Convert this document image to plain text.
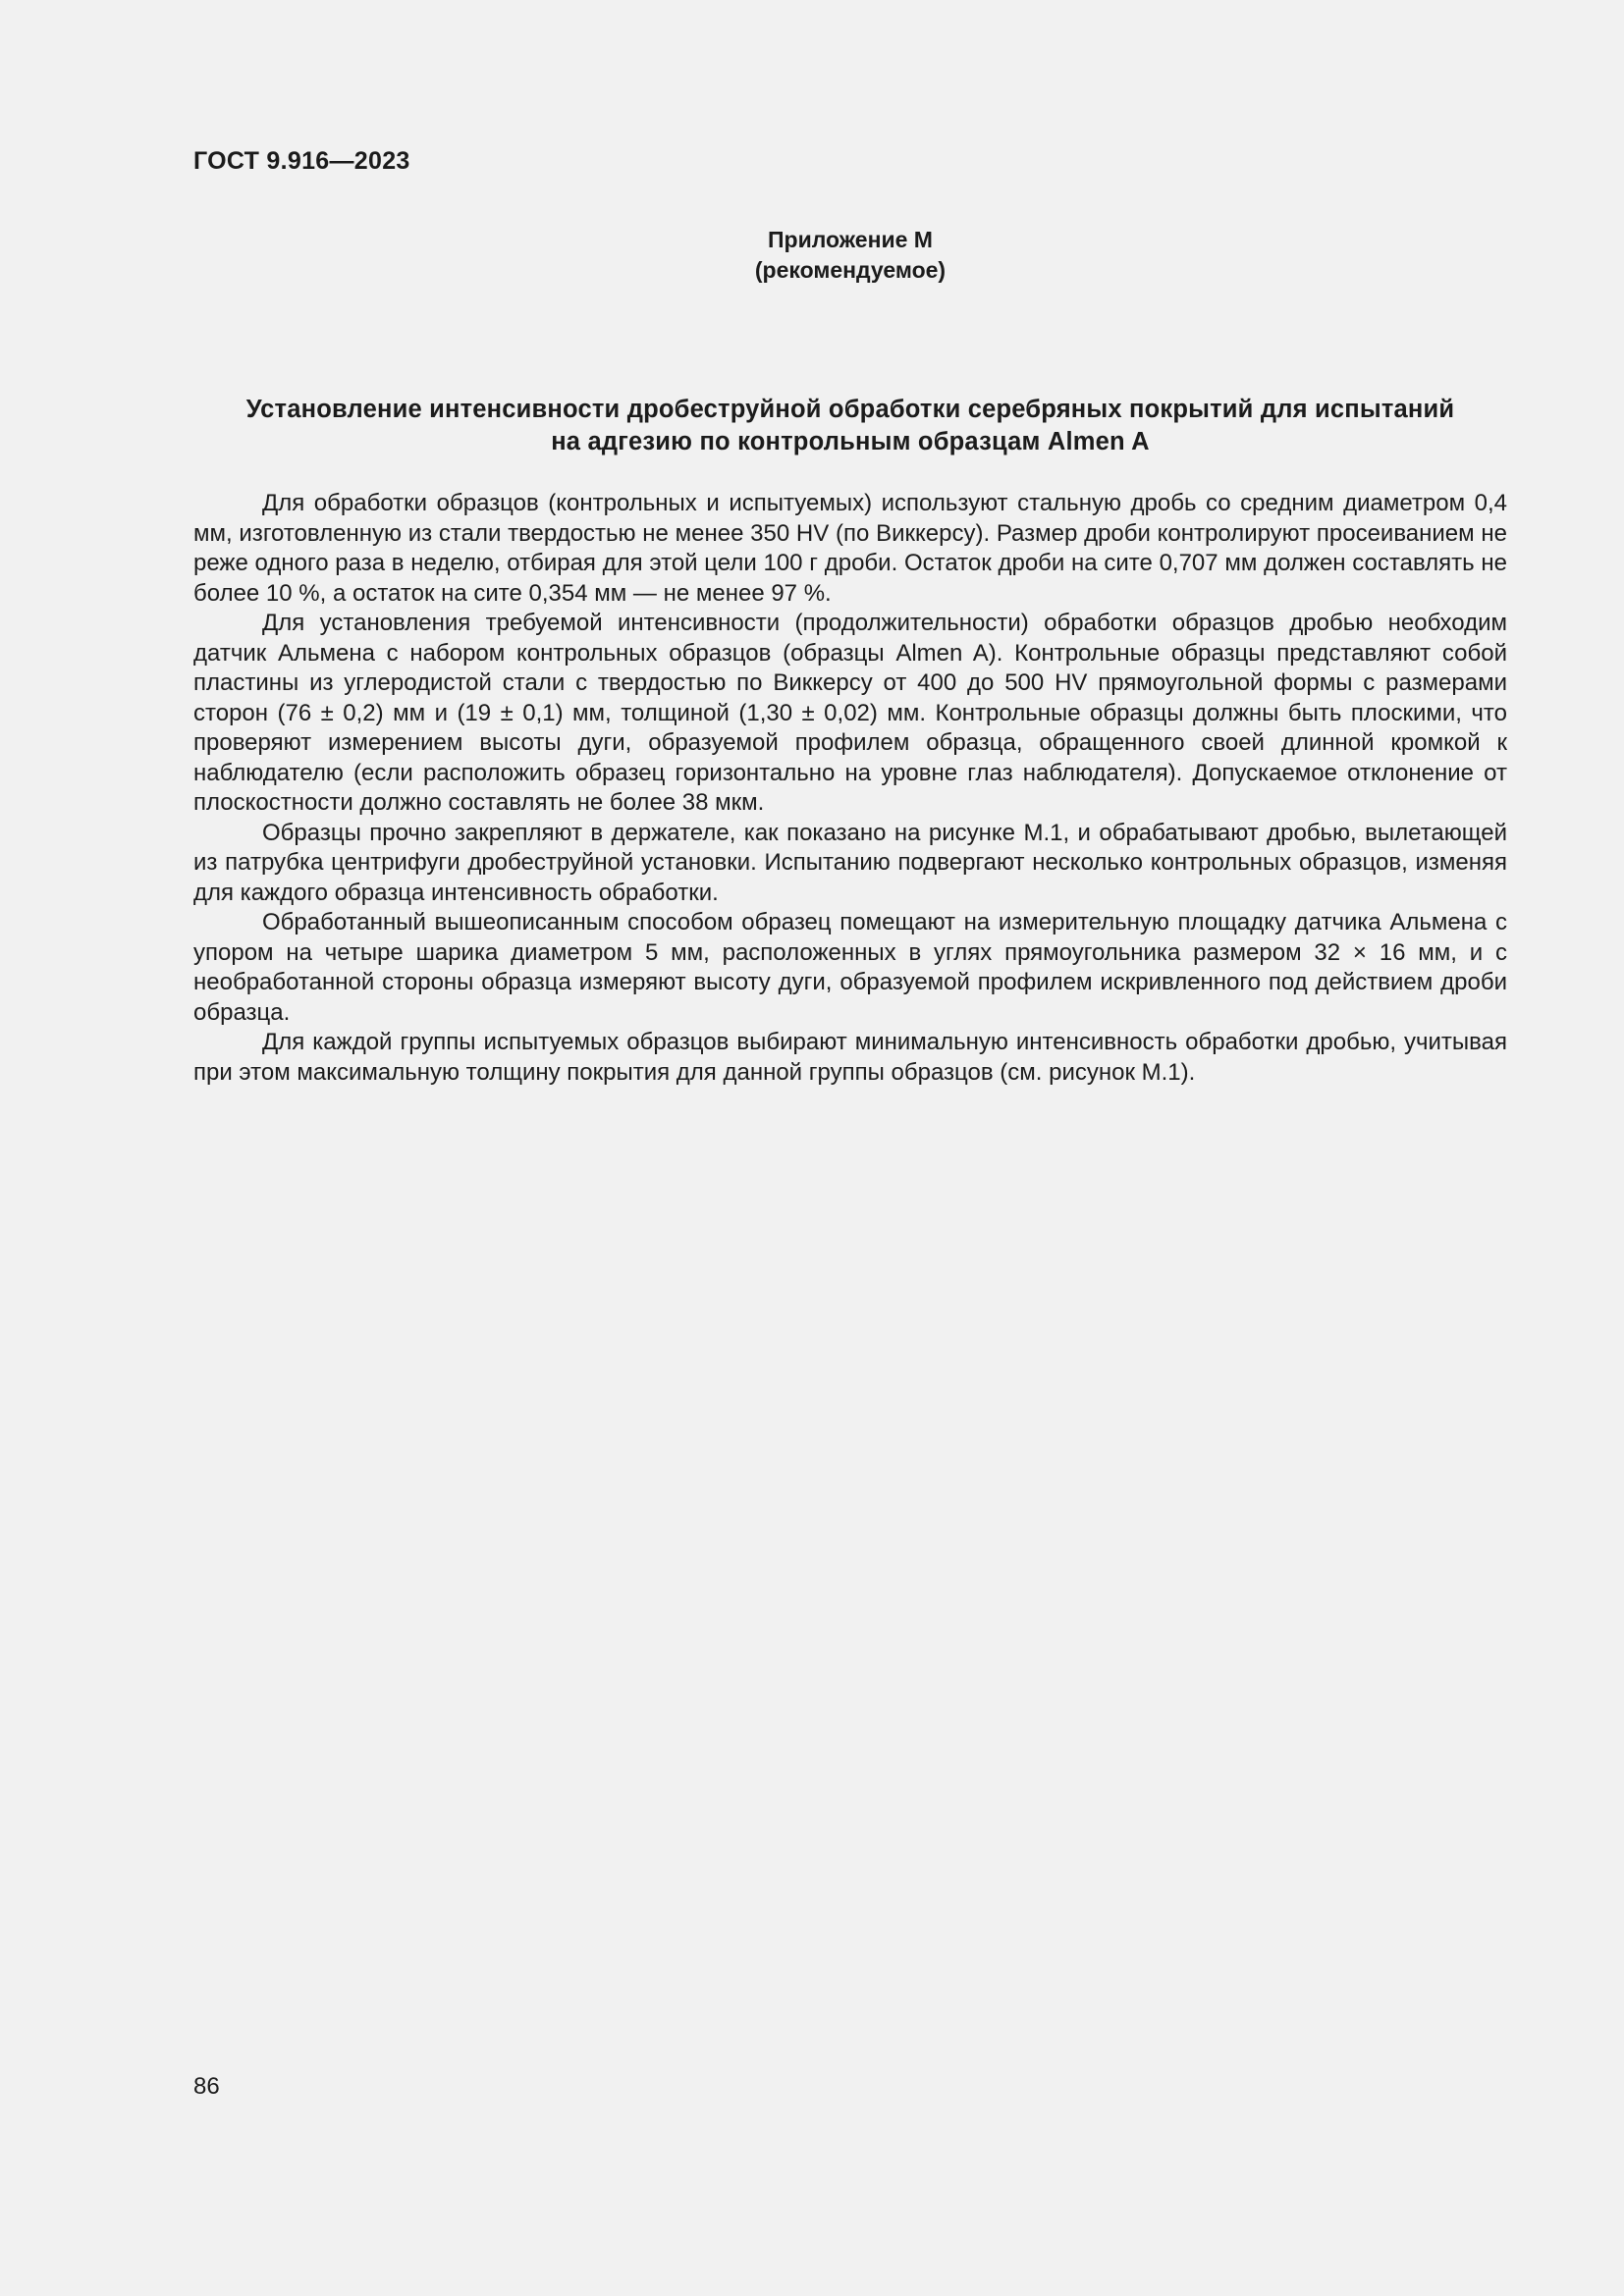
ГОСТ 9.916—2023
Приложение М
(рекомендуемое)
Установление интенсивности дробеструйной обработки серебряных покрытий для испытаний
на адгезию по контрольным образцам Almen A

Для обработки образцов (контрольных и испытуемых) используют стальную дробь со средним диаметром 0,4 мм, изготовленную из стали твердостью не менее 350 HV (по Виккерсу). Размер дроби контролируют просеиванием не реже одного раза в неделю, отбирая для этой цели 100 г дроби. Остаток дроби на сите 0,707 мм должен составлять не более 10 %, а остаток на сите 0,354 мм — не менее 97 %.

Для установления требуемой интенсивности (продолжительности) обработки образцов дробью необходим датчик Альмена с набором контрольных образцов (образцы Almen A). Контрольные образцы представляют собой пластины из углеродистой стали с твердостью по Виккерсу от 400 до 500 HV прямоугольной формы с размерами сторон (76 ± 0,2) мм и (19 ± 0,1) мм, толщиной (1,30 ± 0,02) мм. Контрольные образцы должны быть плоскими, что проверяют измерением высоты дуги, образуемой профилем образца, обращенного своей длинной кромкой к наблюдателю (если расположить образец горизонтально на уровне глаз наблюдателя). Допускаемое отклонение от плоскостности должно составлять не более 38 мкм.

Образцы прочно закрепляют в держателе, как показано на рисунке М.1, и обрабатывают дробью, вылетающей из патрубка центрифуги дробеструйной установки. Испытанию подвергают несколько контрольных образцов, изменяя для каждого образца интенсивность обработки.

Обработанный вышеописанным способом образец помещают на измерительную площадку датчика Альмена с упором на четыре шарика диаметром 5 мм, расположенных в углях прямоугольника размером 32 × 16 мм, и с необработанной стороны образца измеряют высоту дуги, образуемой профилем искривленного под действием дроби образца.

Для каждой группы испытуемых образцов выбирают минимальную интенсивность обработки дробью, учитывая при этом максимальную толщину покрытия для данной группы образцов (см. рисунок М.1).

86
